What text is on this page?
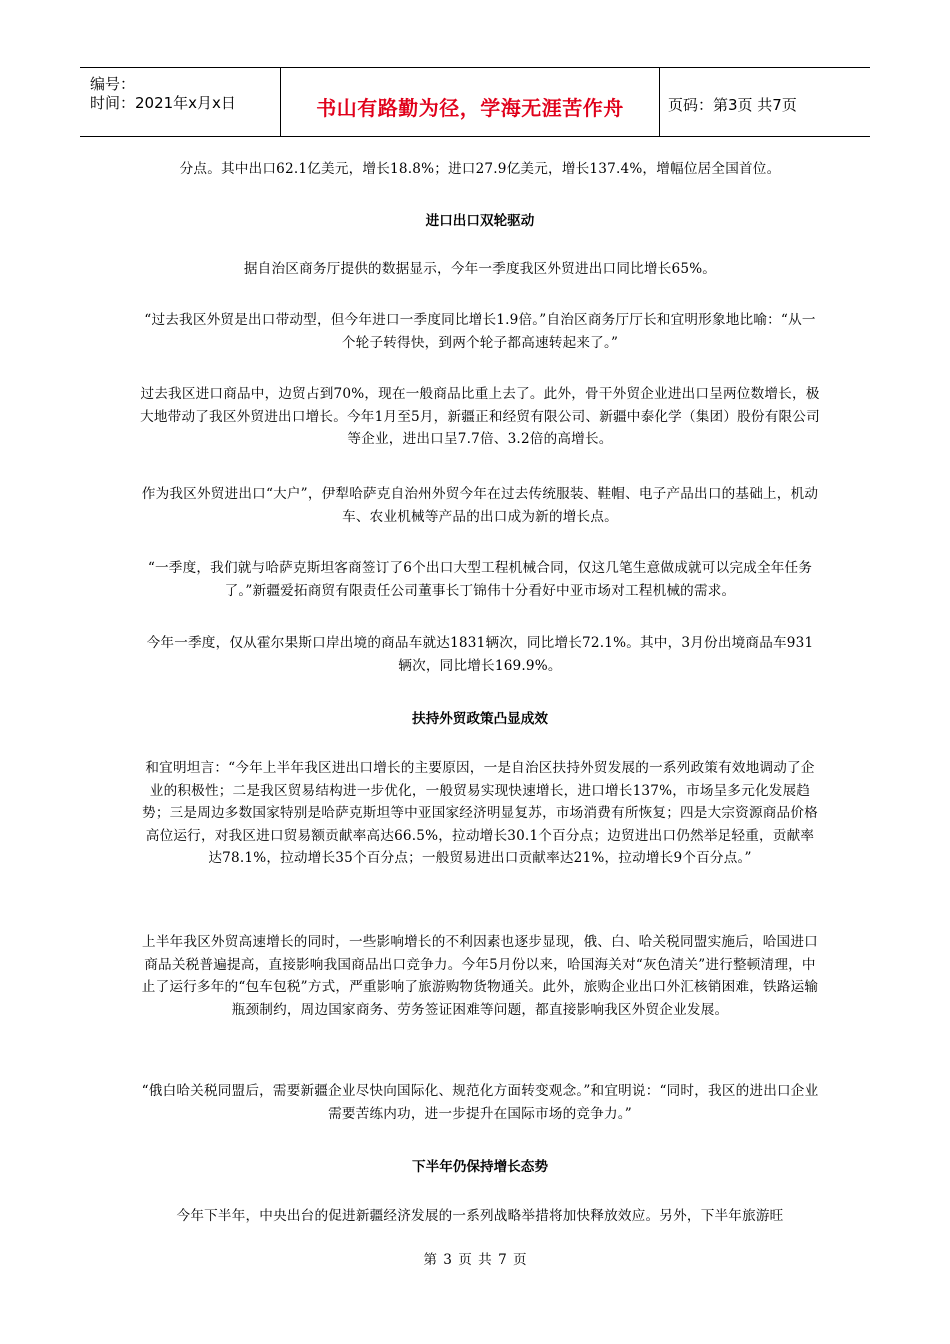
编号：
时间：2021年x月x日	书山有路勤为径，学海无涯苦作舟	页码：第3页 共7页

分点。其中出口62.1亿美元，增长18.8%；进口27.9亿美元，增长137.4%，增幅位居全国首位。

进口出口双轮驱动

据自治区商务厅提供的数据显示，今年一季度我区外贸进出口同比增长65%。

“过去我区外贸是出口带动型，但今年进口一季度同比增长1.9倍。”自治区商务厅厅长和宜明形象地比喻：“从一个轮子转得快，到两个轮子都高速转起来了。”

过去我区进口商品中，边贸占到70%，现在一般商品比重上去了。此外，骨干外贸企业进出口呈两位数增长，极大地带动了我区外贸进出口增长。今年1月至5月，新疆正和经贸有限公司、新疆中泰化学（集团）股份有限公司等企业，进出口呈7.7倍、3.2倍的高增长。

作为我区外贸进出口“大户”，伊犁哈萨克自治州外贸今年在过去传统服装、鞋帽、电子产品出口的基础上，机动车、农业机械等产品的出口成为新的增长点。

“一季度，我们就与哈萨克斯坦客商签订了6个出口大型工程机械合同，仅这几笔生意做成就可以完成全年任务了。”新疆爱拓商贸有限责任公司董事长丁锦伟十分看好中亚市场对工程机械的需求。

今年一季度，仅从霍尔果斯口岸出境的商品车就达1831辆次，同比增长72.1%。其中，3月份出境商品车931辆次，同比增长169.9%。

扶持外贸政策凸显成效

和宜明坦言：“今年上半年我区进出口增长的主要原因，一是自治区扶持外贸发展的一系列政策有效地调动了企业的积极性；二是我区贸易结构进一步优化，一般贸易实现快速增长，进口增长137%，市场呈多元化发展趋势；三是周边多数国家特别是哈萨克斯坦等中亚国家经济明显复苏，市场消费有所恢复；四是大宗资源商品价格高位运行，对我区进口贸易额贡献率高达66.5%，拉动增长30.1个百分点；边贸进出口仍然举足轻重，贡献率达78.1%，拉动增长35个百分点；一般贸易进出口贡献率达21%，拉动增长9个百分点。”

上半年我区外贸高速增长的同时，一些影响增长的不利因素也逐步显现，俄、白、哈关税同盟实施后，哈国进口商品关税普遍提高，直接影响我国商品出口竞争力。今年5月份以来，哈国海关对“灰色清关”进行整顿清理，中止了运行多年的“包车包税”方式，严重影响了旅游购物货物通关。此外，旅购企业出口外汇核销困难，铁路运输瓶颈制约，周边国家商务、劳务签证困难等问题，都直接影响我区外贸企业发展。

“俄白哈关税同盟后，需要新疆企业尽快向国际化、规范化方面转变观念。”和宜明说：“同时，我区的进出口企业需要苦练内功，进一步提升在国际市场的竞争力。”

下半年仍保持增长态势

今年下半年，中央出台的促进新疆经济发展的一系列战略举措将加快释放效应。另外，下半年旅游旺

第 3 页 共 7 页
